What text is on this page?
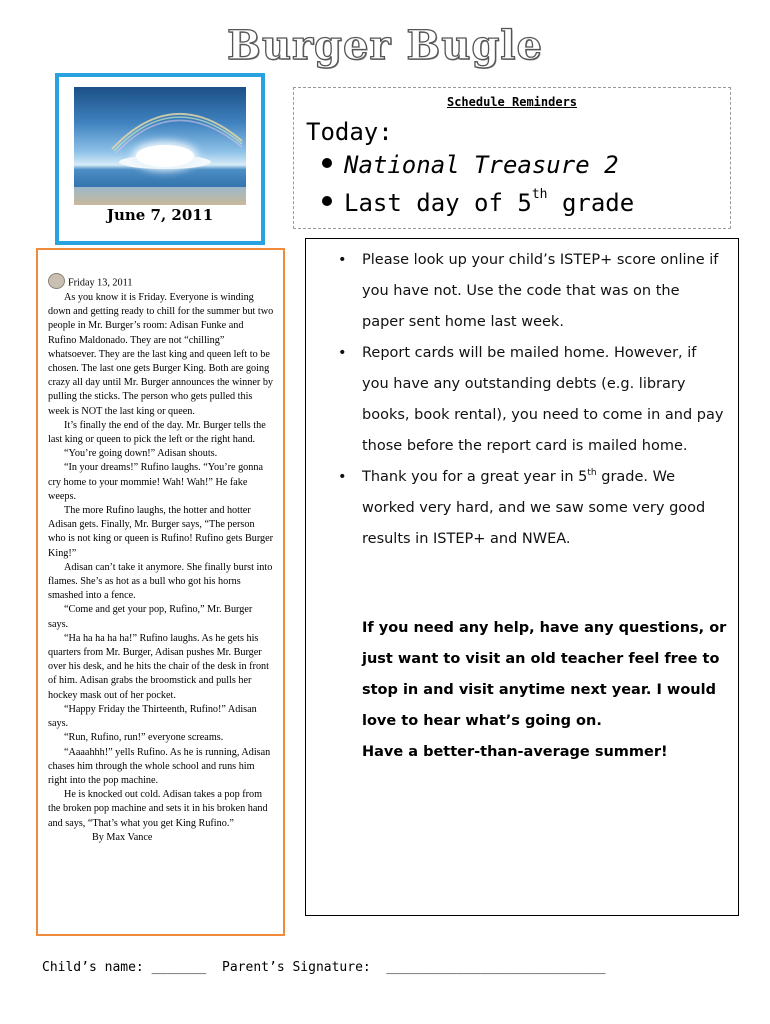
Burger Bugle
June 7, 2011
Schedule Reminders
Today:
National Treasure 2
Last day of 5th grade

Friday 13, 2011

As you know it is Friday. Everyone is winding down and getting ready to chill for the summer but two people in Mr. Burger’s room: Adisan Funke and Rufino Maldonado. They are not “chilling” whatsoever. They are the last king and queen left to be chosen. The last one gets Burger King. Both are going crazy all day until Mr. Burger announces the winner by pulling the sticks. The person who gets pulled this week is NOT the last king or queen.

It’s finally the end of the day. Mr. Burger tells the last king or queen to pick the left or the right hand.

“You’re going down!” Adisan shouts.

“In your dreams!” Rufino laughs. “You’re gonna cry home to your mommie! Wah! Wah!” He fake weeps.

The more Rufino laughs, the hotter and hotter Adisan gets. Finally, Mr. Burger says, “The person who is not king or queen is Rufino! Rufino gets Burger King!”

Adisan can’t take it anymore. She finally burst into flames. She’s as hot as a bull who got his horns smashed into a fence.

“Come and get your pop, Rufino,” Mr. Burger says.

“Ha ha ha ha ha!” Rufino laughs. As he gets his quarters from Mr. Burger, Adisan pushes Mr. Burger over his desk, and he hits the chair of the desk in front of him. Adisan grabs the broomstick and pulls her hockey mask out of her pocket.

“Happy Friday the Thirteenth, Rufino!” Adisan says.

“Run, Rufino, run!” everyone screams.

“Aaaahhh!” yells Rufino. As he is running, Adisan chases him through the whole school and runs him right into the pop machine.

He is knocked out cold. Adisan takes a pop from the broken pop machine and sets it in his broken hand and says, “That’s what you get King Rufino.”

By Max Vance

• Please look up your child’s ISTEP+ score online if you have not. Use the code that was on the paper sent home last week.
• Report cards will be mailed home. However, if you have any outstanding debts (e.g. library books, book rental), you need to come in and pay those before the report card is mailed home.
• Thank you for a great year in 5th grade. We worked very hard, and we saw some very good results in ISTEP+ and NWEA.

If you need any help, have any questions, or just want to visit an old teacher feel free to stop in and visit anytime next year. I would love to hear what’s going on.

Have a better-than-average summer!

Child’s name: _______ Parent’s Signature: ____________________________
